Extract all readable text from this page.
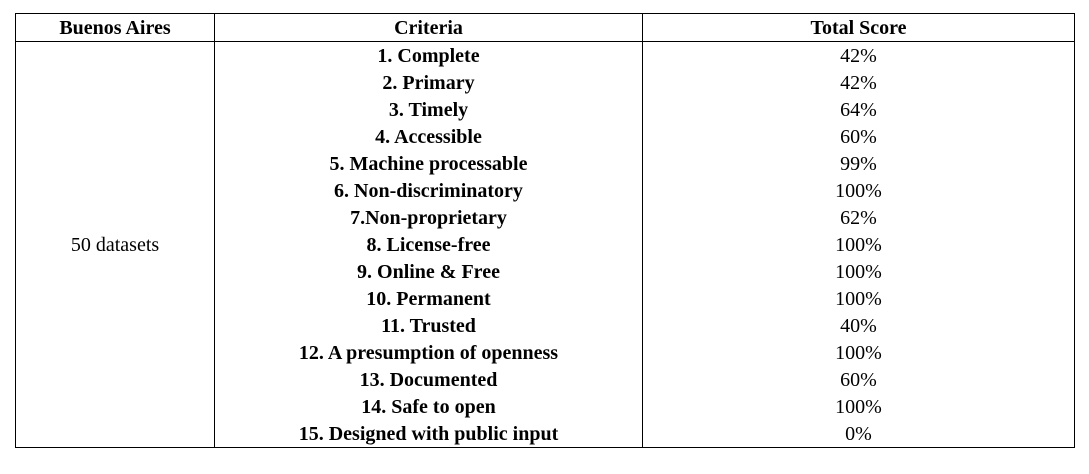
Buenos Aires	Criteria	Total Score
50 datasets	1. Complete	42%
	2. Primary	42%
	3. Timely	64%
	4. Accessible	60%
	5. Machine processable	99%
	6. Non-discriminatory	100%
	7.Non-proprietary	62%
	8. License-free	100%
	9. Online & Free	100%
	10. Permanent	100%
	11. Trusted	40%
	12. A presumption of openness	100%
	13. Documented	60%
	14. Safe to open	100%
	15. Designed with public input	0%
